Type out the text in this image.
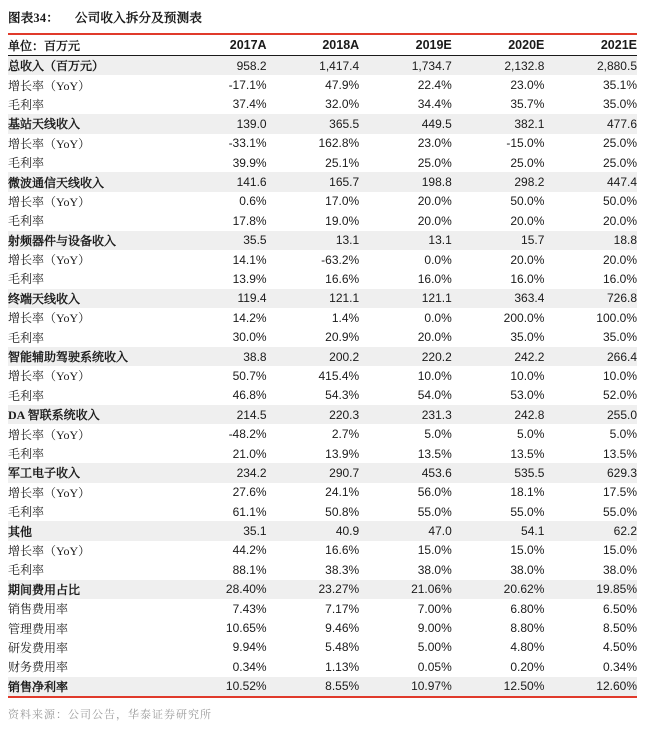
图表34： 公司收入拆分及预测表
单位：百万元	2017A	2018A	2019E	2020E	2021E
总收入（百万元）	958.2	1,417.4	1,734.7	2,132.8	2,880.5
增长率（YoY）	-17.1%	47.9%	22.4%	23.0%	35.1%
毛利率	37.4%	32.0%	34.4%	35.7%	35.0%
基站天线收入	139.0	365.5	449.5	382.1	477.6
增长率（YoY）	-33.1%	162.8%	23.0%	-15.0%	25.0%
毛利率	39.9%	25.1%	25.0%	25.0%	25.0%
微波通信天线收入	141.6	165.7	198.8	298.2	447.4
增长率（YoY）	0.6%	17.0%	20.0%	50.0%	50.0%
毛利率	17.8%	19.0%	20.0%	20.0%	20.0%
射频器件与设备收入	35.5	13.1	13.1	15.7	18.8
增长率（YoY）	14.1%	-63.2%	0.0%	20.0%	20.0%
毛利率	13.9%	16.6%	16.0%	16.0%	16.0%
终端天线收入	119.4	121.1	121.1	363.4	726.8
增长率（YoY）	14.2%	1.4%	0.0%	200.0%	100.0%
毛利率	30.0%	20.9%	20.0%	35.0%	35.0%
智能辅助驾驶系统收入	38.8	200.2	220.2	242.2	266.4
增长率（YoY）	50.7%	415.4%	10.0%	10.0%	10.0%
毛利率	46.8%	54.3%	54.0%	53.0%	52.0%
DA 智联系统收入	214.5	220.3	231.3	242.8	255.0
增长率（YoY）	-48.2%	2.7%	5.0%	5.0%	5.0%
毛利率	21.0%	13.9%	13.5%	13.5%	13.5%
军工电子收入	234.2	290.7	453.6	535.5	629.3
增长率（YoY）	27.6%	24.1%	56.0%	18.1%	17.5%
毛利率	61.1%	50.8%	55.0%	55.0%	55.0%
其他	35.1	40.9	47.0	54.1	62.2
增长率（YoY）	44.2%	16.6%	15.0%	15.0%	15.0%
毛利率	88.1%	38.3%	38.0%	38.0%	38.0%
期间费用占比	28.40%	23.27%	21.06%	20.62%	19.85%
销售费用率	7.43%	7.17%	7.00%	6.80%	6.50%
管理费用率	10.65%	9.46%	9.00%	8.80%	8.50%
研发费用率	9.94%	5.48%	5.00%	4.80%	4.50%
财务费用率	0.34%	1.13%	0.05%	0.20%	0.34%
销售净利率	10.52%	8.55%	10.97%	12.50%	12.60%
资料来源：公司公告，华泰证券研究所
